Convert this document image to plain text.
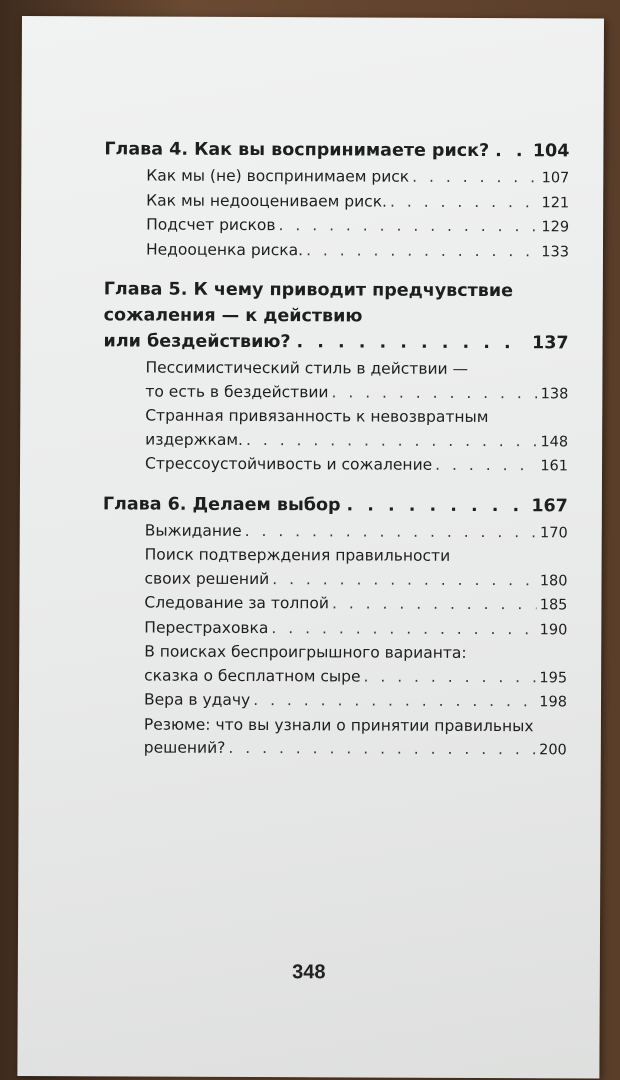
Глава 4. Как вы воспринимаете риск? . . . 104
Как мы (не) воспринимаем риск . . .	107
Как мы недооцениваем риск. . . .	121
Подсчет рисков . . .	129
Недооценка риска. . . .	133
Глава 5. К чему приводит предчувствие
сожаления — к действию
или бездействию? . . .	137
Пессимистический стиль в действии —
то есть в бездействии . . .	138
Странная привязанность к невозвратным
издержкам. . . .	148
Стрессоустойчивость и сожаление . . .	161
Глава 6. Делаем выбор . . .	167
Выжидание . . .	170
Поиск подтверждения правильности
своих решений . . .	180
Следование за толпой . . .	185
Перестраховка . . .	190
В поисках беспроигрышного варианта:
сказка о бесплатном сыре . . .	195
Вера в удачу . . .	198
Резюме: что вы узнали о принятии правильных
решений? . . .	200
348
